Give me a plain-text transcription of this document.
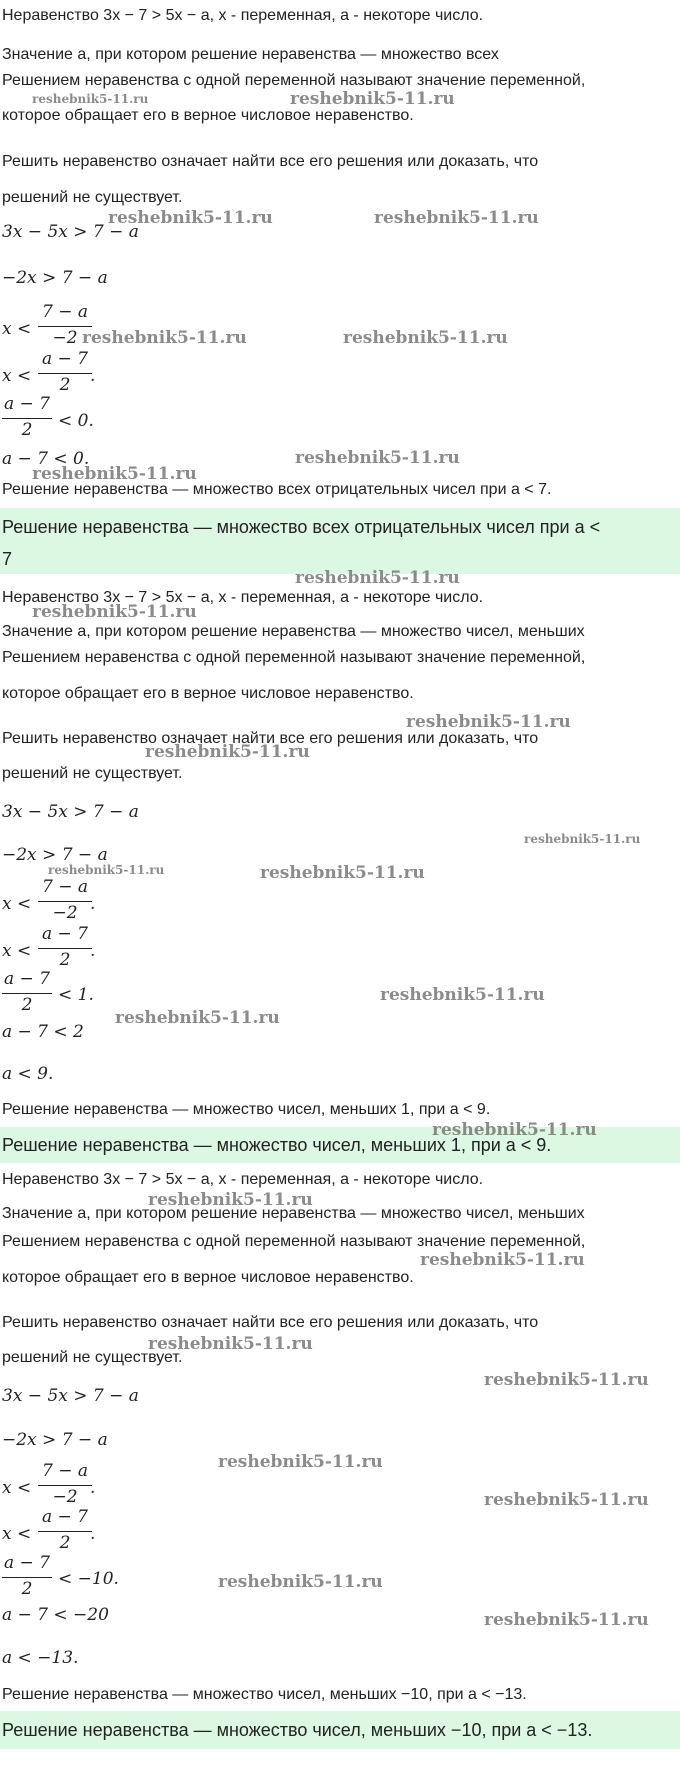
Неравенство 3x − 7 > 5x − a, x - переменная, a - некоторе число.
Значение a, при котором решение неравенства — множество всех
Решением неравенства с одной переменной называют значение переменной,
которое обращает его в верное числовое неравенство.
Решить неравенство означает найти все его решения или доказать, что
решений не существует.
3x − 5x > 7 − a
−2x > 7 − a
x <
7 − a
−2
x <
a − 7
2	.
a − 7
2	< 0.
a − 7 < 0.
Решение неравенства — множество всех отрицательных чисел при a < 7.
Решение неравенства — множество всех отрицательных чисел при a <
7
Неравенство 3x − 7 > 5x − a, x - переменная, a - некоторе число.
Значение a, при котором решение неравенства — множество чисел, меньших
Решением неравенства с одной переменной называют значение переменной,
которое обращает его в верное числовое неравенство.
Решить неравенство означает найти все его решения или доказать, что
решений не существует.
3x − 5x > 7 − a
−2x > 7 − a
x <
7 − a
−2 .
x <
a − 7
2	.
a − 7
2	< 1.
a − 7 < 2
a < 9.
Решение неравенства — множество чисел, меньших 1, при a < 9.
Решение неравенства — множество чисел, меньших 1, при a < 9.
Неравенство 3x − 7 > 5x − a, x - переменная, a - некоторе число.
Значение a, при котором решение неравенства — множество чисел, меньших
Решением неравенства с одной переменной называют значение переменной,
которое обращает его в верное числовое неравенство.
Решить неравенство означает найти все его решения или доказать, что
решений не существует.
3x − 5x > 7 − a
−2x > 7 − a
x <
7 − a
−2 .
x <
a − 7
2	.
a − 7
2	< −10.
a − 7 < −20
a < −13.
Решение неравенства — множество чисел, меньших −10, при a < −13.
Решение неравенства — множество чисел, меньших −10, при a < −13.
reshebnik5-11.ru	reshebnik5-11.ru
reshebnik5-11.ru	reshebnik5-11.ru
reshebnik5-11.ru	reshebnik5-11.ru
reshebnik5-11.ru
reshebnik5-11.ru
reshebnik5-11.ru
reshebnik5-11.ru
reshebnik5-11.ru
reshebnik5-11.ru
reshebnik5-11.ru
reshebnik5-11.ru	reshebnik5-11.ru
reshebnik5-11.ru
reshebnik5-11.ru
reshebnik5-11.ru
reshebnik5-11.ru
reshebnik5-11.ru
reshebnik5-11.ru
reshebnik5-11.ru
reshebnik5-11.ru
reshebnik5-11.ru
reshebnik5-11.ru
reshebnik5-11.ru
